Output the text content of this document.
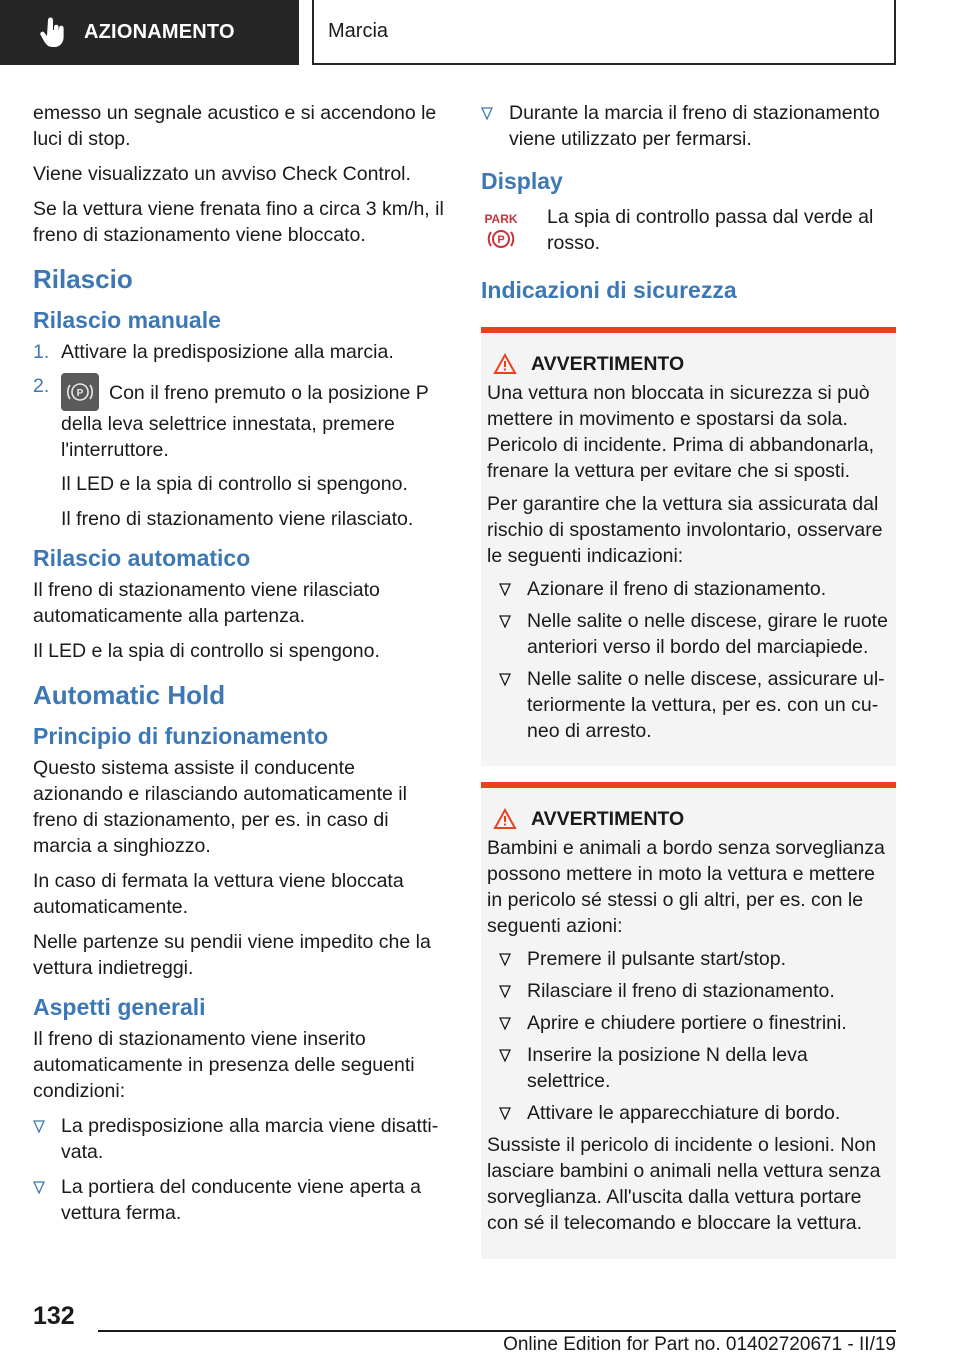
AZIONAMENTO	Marcia

emesso un segnale acustico e si accendono le luci di stop.

Viene visualizzato un avviso Check Control.

Se la vettura viene frenata fino a circa 3 km/h, il freno di stazionamento viene bloccato.

Rilascio
Rilascio manuale
1. Attivare la predisposizione alla marcia.
2.	P Con il freno premuto o la posizione P della leva selettrice innestata, premere l'interruttore.

Il LED e la spia di controllo si spengono.

Il freno di stazionamento viene rilasciato.

Rilascio automatico

Il freno di stazionamento viene rilasciato automaticamente alla partenza.

Il LED e la spia di controllo si spengono.

Automatic Hold
Principio di funzionamento

Questo sistema assiste il conducente azionando e rilasciando automaticamente il freno di stazionamento, per es. in caso di marcia a singhiozzo.

In caso di fermata la vettura viene bloccata automaticamente.

Nelle partenze su pendii viene impedito che la vettura indietreggi.

Aspetti generali

Il freno di stazionamento viene inserito automaticamente in presenza delle seguenti condizioni:

La predisposizione alla marcia viene disattivata.
La portiera del conducente viene aperta a vettura ferma.
Durante la marcia il freno di stazionamento viene utilizzato per fermarsi.
Display
PARK
P
La spia di controllo passa dal verde al rosso.
Indicazioni di sicurezza
AVVERTIMENTO

Una vettura non bloccata in sicurezza si può mettere in movimento e spostarsi da sola. Pericolo di incidente. Prima di abbandonarla, frenare la vettura per evitare che si sposti.

Per garantire che la vettura sia assicurata dal rischio di spostamento involontario, osservare le seguenti indicazioni:

Azionare il freno di stazionamento.
Nelle salite o nelle discese, girare le ruote anteriori verso il bordo del marciapiede.
Nelle salite o nelle discese, assicurare ulteriormente la vettura, per es. con un cuneo di arresto.
AVVERTIMENTO

Bambini e animali a bordo senza sorveglianza possono mettere in moto la vettura e mettere in pericolo sé stessi o gli altri, per es. con le seguenti azioni:

Premere il pulsante start/stop.
Rilasciare il freno di stazionamento.
Aprire e chiudere portiere o finestrini.
Inserire la posizione N della leva selettrice.
Attivare le apparecchiature di bordo.

Sussiste il pericolo di incidente o lesioni. Non lasciare bambini o animali nella vettura senza sorveglianza. All'uscita dalla vettura portare con sé il telecomando e bloccare la vettura.

132
Online Edition for Part no. 01402720671 - II/19
